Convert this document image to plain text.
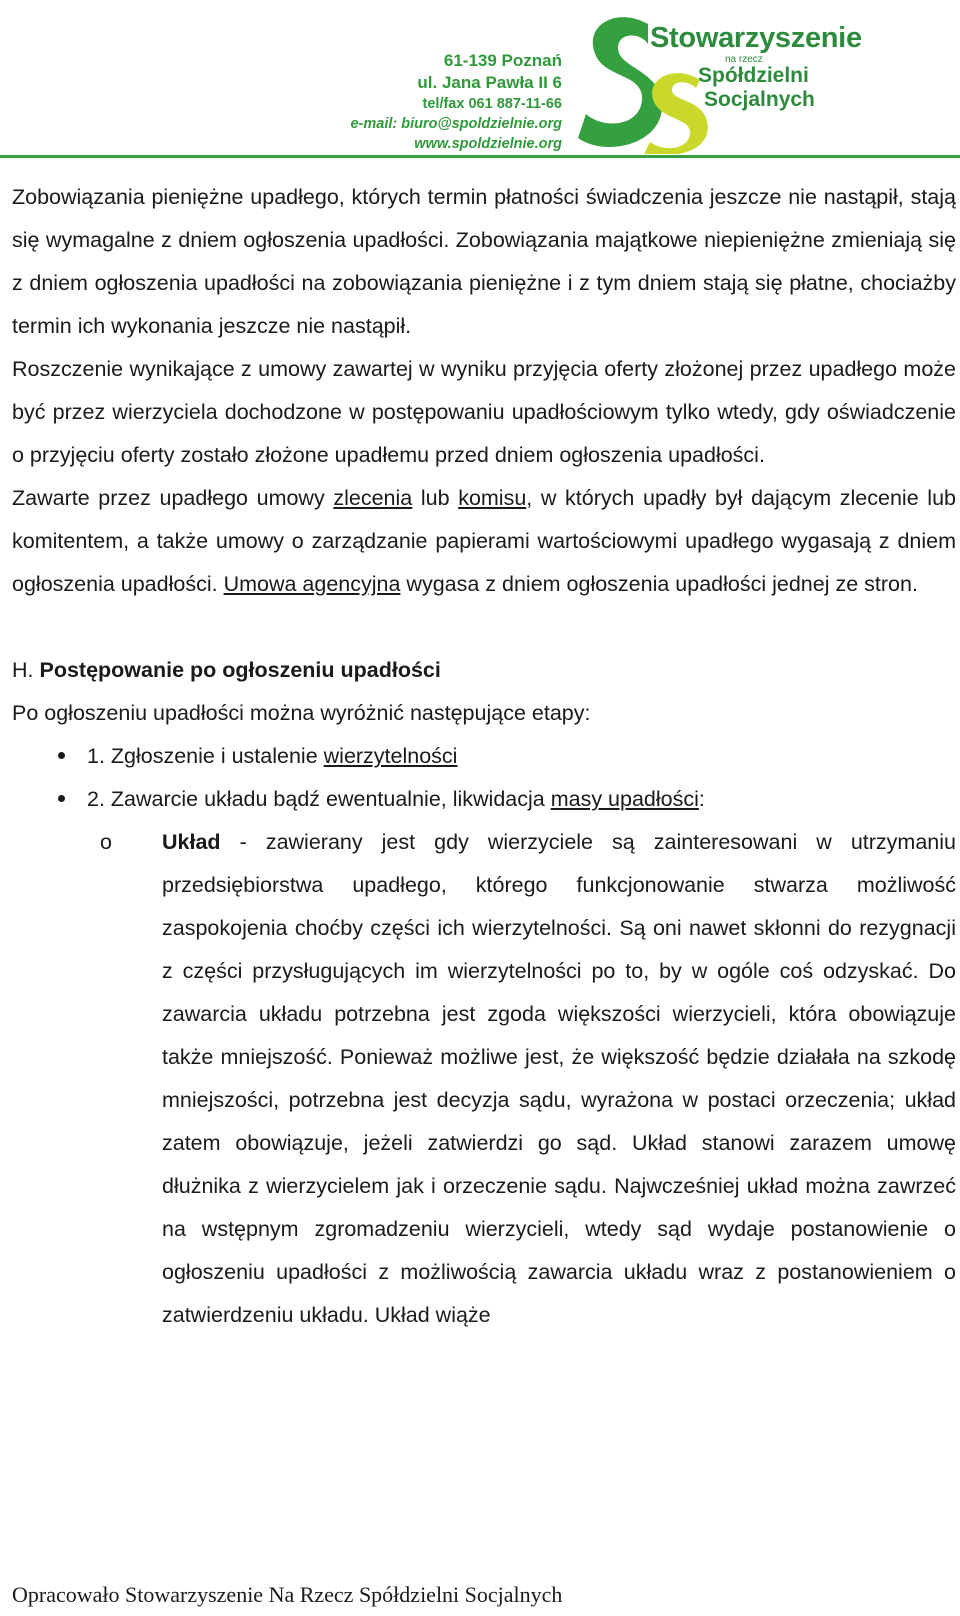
61-139 Poznań
ul. Jana Pawła II 6
tel/fax 061 887-11-66
e-mail: biuro@spoldzielnie.org
www.spoldzielnie.org
Stowarzyszenie
na rzecz
Spółdzielni
Socjalnych

Zobowiązania pieniężne upadłego, których termin płatności świadczenia jeszcze nie nastąpił, stają się wymagalne z dniem ogłoszenia upadłości. Zobowiązania majątkowe niepieniężne zmieniają się z dniem ogłoszenia upadłości na zobowiązania pieniężne i z tym dniem stają się płatne, chociażby termin ich wykonania jeszcze nie nastąpił.

Roszczenie wynikające z umowy zawartej w wyniku przyjęcia oferty złożonej przez upadłego może być przez wierzyciela dochodzone w postępowaniu upadłościowym tylko wtedy, gdy oświadczenie o przyjęciu oferty zostało złożone upadłemu przed dniem ogłoszenia upadłości.

Zawarte przez upadłego umowy zlecenia lub komisu, w których upadły był dającym zlecenie lub komitentem, a także umowy o zarządzanie papierami wartościowymi upadłego wygasają z dniem ogłoszenia upadłości. Umowa agencyjna wygasa z dniem ogłoszenia upadłości jednej ze stron.

H. Postępowanie po ogłoszeniu upadłości
Po ogłoszeniu upadłości można wyróżnić następujące etapy:
1. Zgłoszenie i ustalenie wierzytelności
2. Zawarcie układu bądź ewentualnie, likwidacja masy upadłości:
o Układ - zawierany jest gdy wierzyciele są zainteresowani w utrzymaniu przedsiębiorstwa upadłego, którego funkcjonowanie stwarza możliwość zaspokojenia choćby części ich wierzytelności. Są oni nawet skłonni do rezygnacji z części przysługujących im wierzytelności po to, by w ogóle coś odzyskać. Do zawarcia układu potrzebna jest zgoda większości wierzycieli, która obowiązuje także mniejszość. Ponieważ możliwe jest, że większość będzie działała na szkodę mniejszości, potrzebna jest decyzja sądu, wyrażona w postaci orzeczenia; układ zatem obowiązuje, jeżeli zatwierdzi go sąd. Układ stanowi zarazem umowę dłużnika z wierzycielem jak i orzeczenie sądu. Najwcześniej układ można zawrzeć na wstępnym zgromadzeniu wierzycieli, wtedy sąd wydaje postanowienie o ogłoszeniu upadłości z możliwością zawarcia układu wraz z postanowieniem o zatwierdzeniu układu. Układ wiąże
Opracowało Stowarzyszenie Na Rzecz Spółdzielni Socjalnych
